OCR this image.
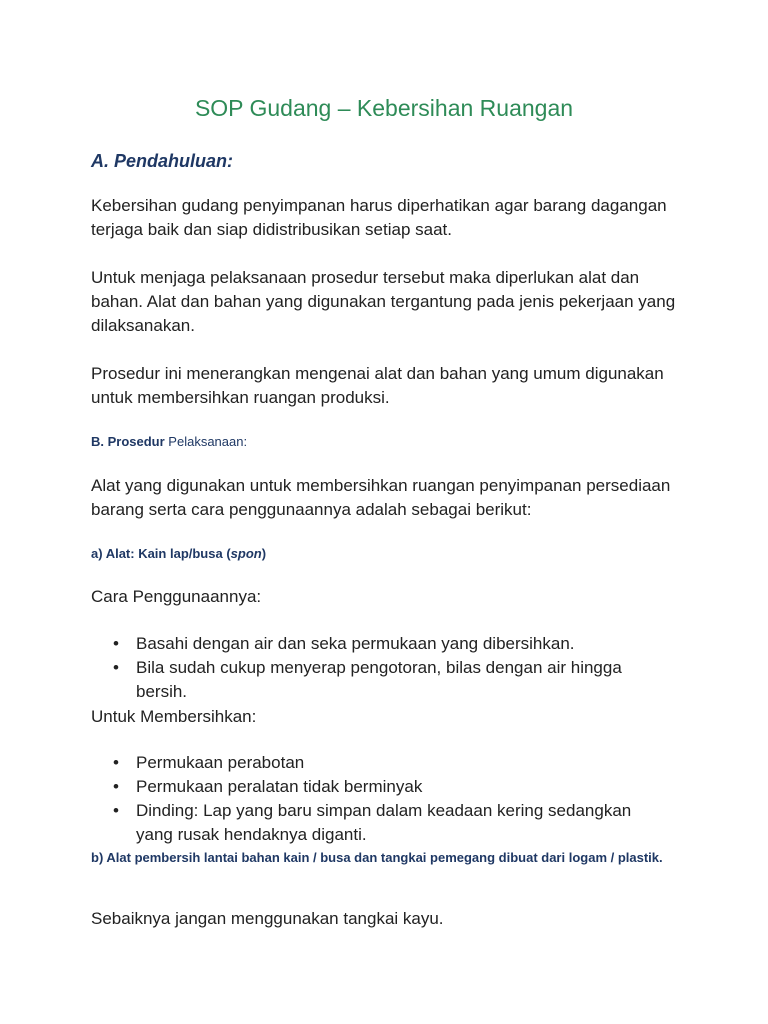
SOP Gudang – Kebersihan Ruangan
A. Pendahuluan:

Kebersihan gudang penyimpanan harus diperhatikan agar barang dagangan terjaga baik dan siap didistribusikan setiap saat.

Untuk menjaga pelaksanaan prosedur tersebut maka diperlukan alat dan bahan. Alat dan bahan yang digunakan tergantung pada jenis pekerjaan yang dilaksanakan.

Prosedur ini menerangkan mengenai alat dan bahan yang umum digunakan untuk membersihkan ruangan produksi.

B. Prosedur Pelaksanaan:

Alat yang digunakan untuk membersihkan ruangan penyimpanan persediaan barang serta cara penggunaannya adalah sebagai berikut:

a) Alat: Kain lap/busa (spon)

Cara Penggunaannya:

• Basahi dengan air dan seka permukaan yang dibersihkan.
• Bila sudah cukup menyerap pengotoran, bilas dengan air hingga bersih.

Untuk Membersihkan:

• Permukaan perabotan
• Permukaan peralatan tidak berminyak
• Dinding: Lap yang baru simpan dalam keadaan kering sedangkan yang rusak hendaknya diganti.
b) Alat pembersih lantai bahan kain / busa dan tangkai pemegang dibuat dari logam / plastik.

Sebaiknya jangan menggunakan tangkai kayu.
